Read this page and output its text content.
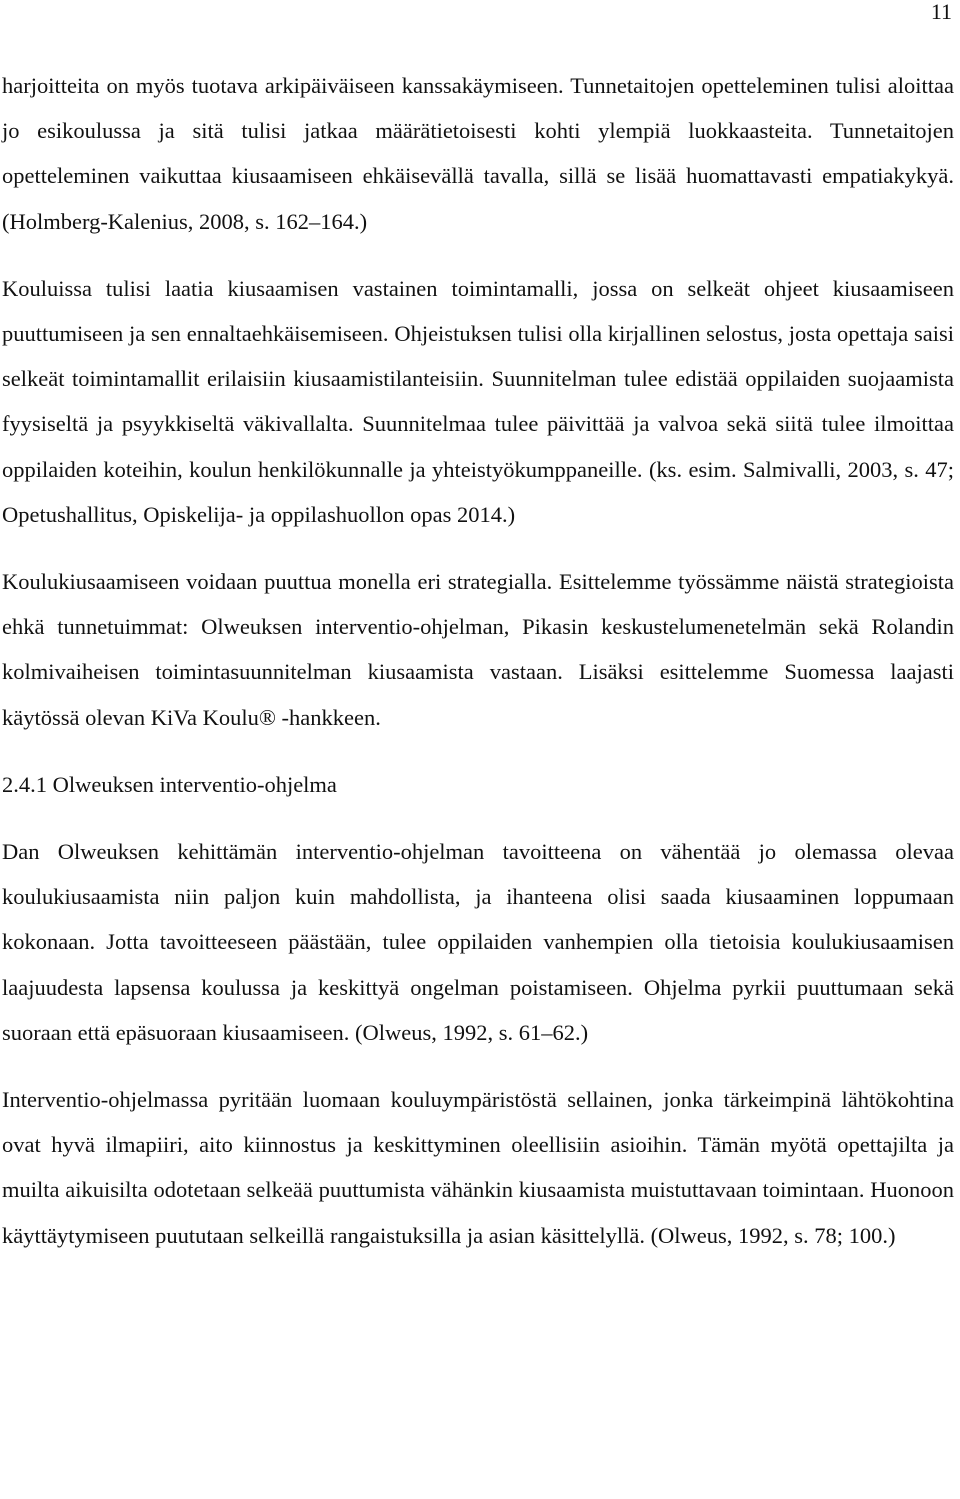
11

harjoitteita on myös tuotava arkipäiväiseen kanssakäymiseen. Tunnetaitojen opetteleminen tulisi aloittaa jo esikoulussa ja sitä tulisi jatkaa määrätietoisesti kohti ylempiä luokkaasteita. Tunnetaitojen opetteleminen vaikuttaa kiusaamiseen ehkäisevällä tavalla, sillä se lisää huomattavasti empatiakykyä. (Holmberg-Kalenius, 2008, s. 162–164.)

Kouluissa tulisi laatia kiusaamisen vastainen toimintamalli, jossa on selkeät ohjeet kiusaamiseen puuttumiseen ja sen ennaltaehkäisemiseen. Ohjeistuksen tulisi olla kirjallinen selostus, josta opettaja saisi selkeät toimintamallit erilaisiin kiusaamistilanteisiin. Suunnitelman tulee edistää oppilaiden suojaamista fyysiseltä ja psyykkiseltä väkivallalta. Suunnitelmaa tulee päivittää ja valvoa sekä siitä tulee ilmoittaa oppilaiden koteihin, koulun henkilökunnalle ja yhteistyökumppaneille. (ks. esim. Salmivalli, 2003, s. 47; Opetushallitus, Opiskelija- ja oppilashuollon opas 2014.)

Koulukiusaamiseen voidaan puuttua monella eri strategialla. Esittelemme työssämme näistä strategioista ehkä tunnetuimmat: Olweuksen interventio-ohjelman, Pikasin keskustelumenetelmän sekä Rolandin kolmivaiheisen toimintasuunnitelman kiusaamista vastaan. Lisäksi esittelemme Suomessa laajasti käytössä olevan KiVa Koulu® -hankkeen.

2.4.1 Olweuksen interventio-ohjelma

Dan Olweuksen kehittämän interventio-ohjelman tavoitteena on vähentää jo olemassa olevaa koulukiusaamista niin paljon kuin mahdollista, ja ihanteena olisi saada kiusaaminen loppumaan kokonaan. Jotta tavoitteeseen päästään, tulee oppilaiden vanhempien olla tietoisia koulukiusaamisen laajuudesta lapsensa koulussa ja keskittyä ongelman poistamiseen. Ohjelma pyrkii puuttumaan sekä suoraan että epäsuoraan kiusaamiseen. (Olweus, 1992, s. 61–62.)

Interventio-ohjelmassa pyritään luomaan kouluympäristöstä sellainen, jonka tärkeimpinä lähtökohtina ovat hyvä ilmapiiri, aito kiinnostus ja keskittyminen oleellisiin asioihin. Tämän myötä opettajilta ja muilta aikuisilta odotetaan selkeää puuttumista vähänkin kiusaamista muistuttavaan toimintaan. Huonoon käyttäytymiseen puututaan selkeillä rangaistuksilla ja asian käsittelyllä. (Olweus, 1992, s. 78; 100.)
